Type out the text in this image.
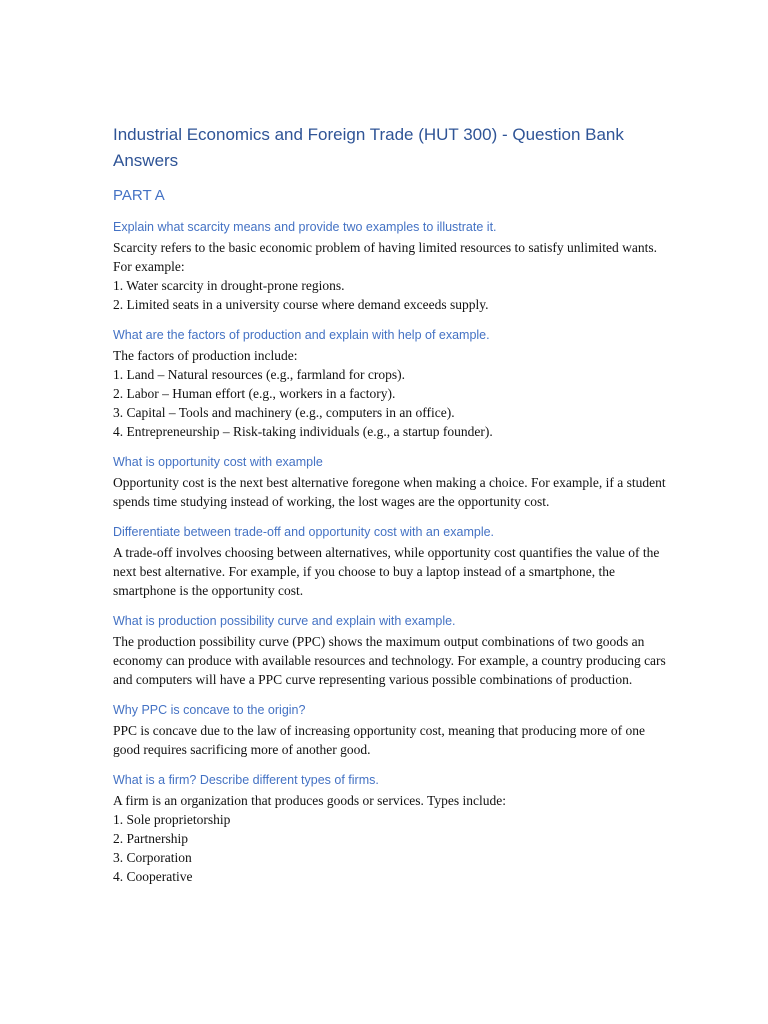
Industrial Economics and Foreign Trade (HUT 300) - Question Bank Answers
PART A
Explain what scarcity means and provide two examples to illustrate it.
Scarcity refers to the basic economic problem of having limited resources to satisfy unlimited wants. For example:
1. Water scarcity in drought-prone regions.
2. Limited seats in a university course where demand exceeds supply.
What are the factors of production and explain with help of example.
The factors of production include:
1. Land – Natural resources (e.g., farmland for crops).
2. Labor – Human effort (e.g., workers in a factory).
3. Capital – Tools and machinery (e.g., computers in an office).
4. Entrepreneurship – Risk-taking individuals (e.g., a startup founder).
What is opportunity cost with example
Opportunity cost is the next best alternative foregone when making a choice. For example, if a student spends time studying instead of working, the lost wages are the opportunity cost.
Differentiate between trade-off and opportunity cost with an example.
A trade-off involves choosing between alternatives, while opportunity cost quantifies the value of the next best alternative. For example, if you choose to buy a laptop instead of a smartphone, the smartphone is the opportunity cost.
What is production possibility curve and explain with example.
The production possibility curve (PPC) shows the maximum output combinations of two goods an economy can produce with available resources and technology. For example, a country producing cars and computers will have a PPC curve representing various possible combinations of production.
Why PPC is concave to the origin?
PPC is concave due to the law of increasing opportunity cost, meaning that producing more of one good requires sacrificing more of another good.
What is a firm? Describe different types of firms.
A firm is an organization that produces goods or services. Types include:
1. Sole proprietorship
2. Partnership
3. Corporation
4. Cooperative
